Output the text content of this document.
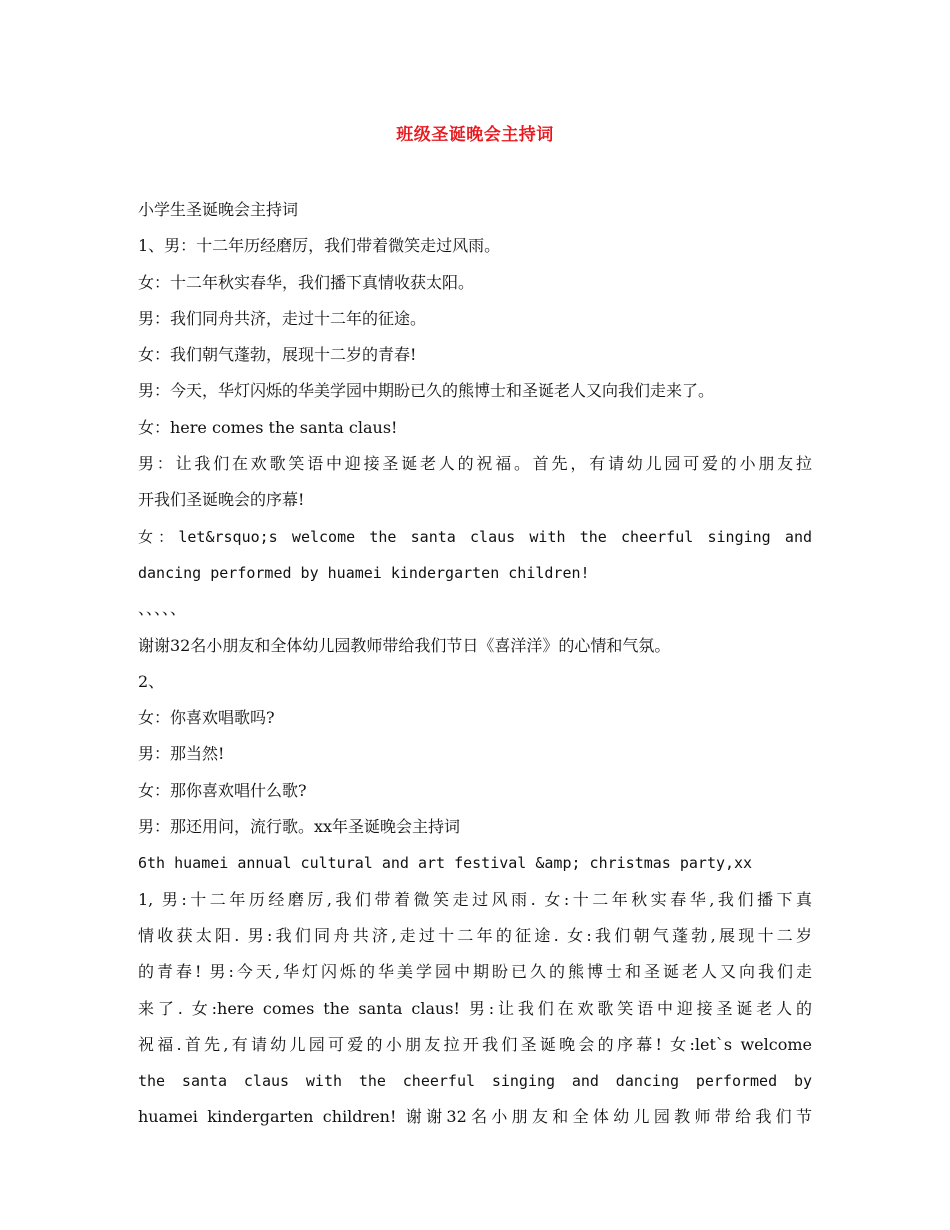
班级圣诞晚会主持词
小学生圣诞晚会主持词
1、男：十二年历经磨厉，我们带着微笑走过风雨。
女：十二年秋实春华，我们播下真情收获太阳。
男：我们同舟共济，走过十二年的征途。
女：我们朝气蓬勃，展现十二岁的青春!
男：今天，华灯闪烁的华美学园中期盼已久的熊博士和圣诞老人又向我们走来了。
女：here comes the santa claus!
男：让我们在欢歌笑语中迎接圣诞老人的祝福。首先，有请幼儿园可爱的小朋友拉
开我们圣诞晚会的序幕!
女：let&rsquo;s welcome the santa claus with the cheerful singing and
dancing performed by huamei kindergarten children!
、、、、、
谢谢32名小朋友和全体幼儿园教师带给我们节日《喜洋洋》的心情和气氛。
2、
女：你喜欢唱歌吗?
男：那当然!
女：那你喜欢唱什么歌?
男：那还用问，流行歌。xx年圣诞晚会主持词
6th huamei annual cultural and art festival &amp; christmas party,xx
1, 男:十二年历经磨厉,我们带着微笑走过风雨. 女:十二年秋实春华,我们播下真
情收获太阳. 男:我们同舟共济,走过十二年的征途. 女:我们朝气蓬勃,展现十二岁
的青春! 男:今天,华灯闪烁的华美学园中期盼已久的熊博士和圣诞老人又向我们走
来了. 女:here comes the santa claus! 男:让我们在欢歌笑语中迎接圣诞老人的
祝福.首先,有请幼儿园可爱的小朋友拉开我们圣诞晚会的序幕! 女:let`s welcome
the santa claus with the cheerful singing and dancing performed by
huamei kindergarten children! 谢谢32名小朋友和全体幼儿园教师带给我们节
